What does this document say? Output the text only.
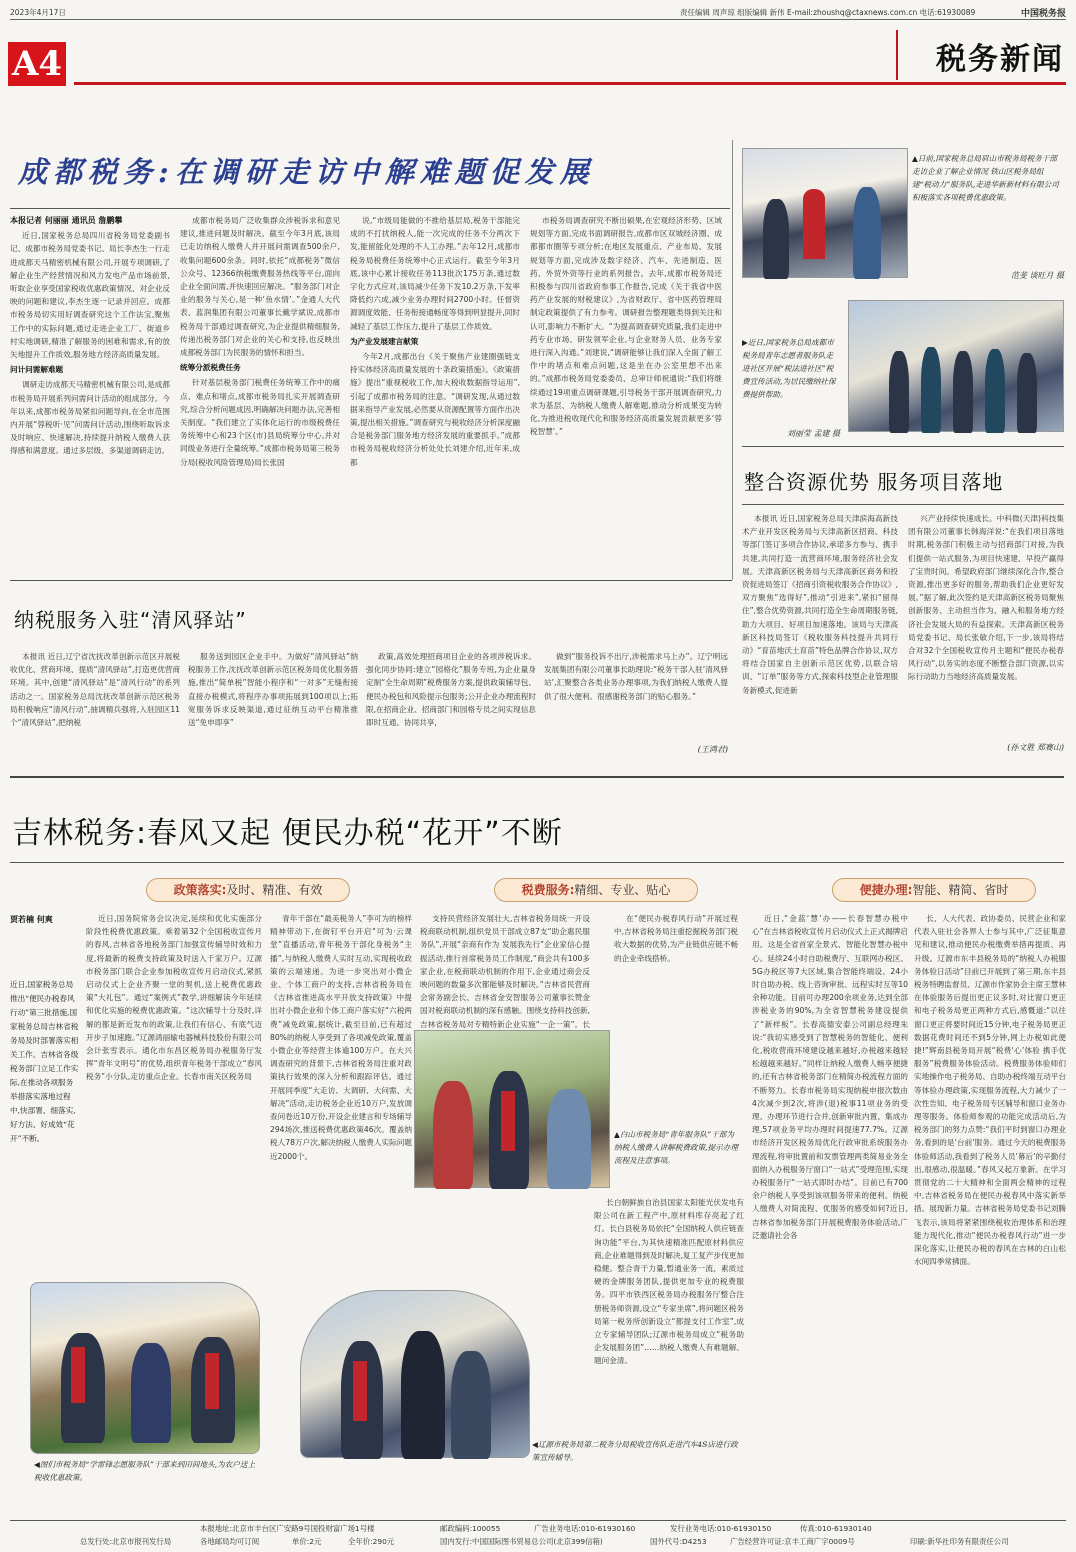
2023年4月17日	责任编辑 周声琼 组版编辑 新伟 E-mail:zhoushq@ctaxnews.com.cn 电话:61930089	中国税务报
A4	税务新闻
成都税务:在调研走访中解难题促发展
本报记者 何丽丽 通讯员 詹鹏攀

近日,国家税务总局四川省税务局党委副书记、成都市税务局党委书记、局长李杰生一行走进成都天马精密机械有限公司,开展专项调研,了解企业生产经营情况和风力发电产品市场前景,听取企业享受国家税收优惠政策情况、对企业反映的问题和建议,李杰生逐一记录并回应。成都市税务局切实用好调查研究这个工作法宝,聚焦工作中的实际问题,通过走进企业工厂、街道乡村实地调研,精准了解服务的困难和需求,有的放矢地提升工作质效,服务地方经济高质量发展。

问计问需解难题

调研走访成都天马精密机械有限公司,是成都市税务局开展系列问需问计活动的组成部分。今年以来,成都市税务局紧扣问题导向,在全市范围内开展“蓉税听·见”问需问计活动,围绕听取诉求及时响应、快速解决,持续提升纳税人缴费人获得感和满意度。通过多层级、多渠道调研走访,

成都市税务局广泛收集群众涉税诉求和意见建议,推进问题及时解决。截至今年3月底,该局已走访纳税人缴费人并开展问需调查500余户,收集问题600余条。同时,依托“成都税务”微信公众号、12366纳税缴费服务热线等平台,面向企业全面问需,并快速回应解决。“服务部门对企业的服务与关心,是一种‘鱼水情’。”金通人大代表、蓝润集团有限公司董事长戴学斌说,成都市税务局干部通过调查研究,为企业提供精细服务,传递出税务部门对企业的关心和支持,也反映出成都税务部门为民服务的情怀和担当。

统筹分派税费任务

针对基层税务部门税费任务统筹工作中的痛点、难点和堵点,成都市税务局扎实开展调查研究,综合分析问题成因,明确解决问题办法,完善相关制度。“我们建立了实体化运行的市级税费任务统筹中心和23个区(市)县局统筹分中心,并对同级业务进行全量统筹。”成都市税务局第三税务分局(税收风险管理局)局长张国

说,“市级局能做的不推给基层局,税务干部能完成的不打扰纳税人,能一次完成的任务不分两次下发,能留能化处理的不人工办理。”去年12月,成都市税务局税费任务统筹中心正式运行。截至今年3月底,该中心累计接收任务113批次175万条,通过数字化方式应对,该局减少任务下发10.2万条,下发率降低约六成,减少业务办理时间2700小时。任督资源调度效能、任务衔接通畅度等得到明显提升,同时减轻了基层工作压力,提升了基层工作质效。

为产业发展建言献策

今年2月,成都出台《关于聚焦产业建圈强链支持实体经济高质量发展的十条政策措施》。《政策措施》提出“重视税收工作,加大税收数据指导运用”,引起了成都市税务局的注意。“调研发现,从通过数据来指导产业发展,必然要从资源配置等方面作出决策,提出相关措施。”调查研究与税收经济分析深度融合是税务部门服务地方经济发展的重要抓手。”成都市税务局税收经济分析处处长刘建介绍,近年来,成都

市税务局调查研究不断出硕果,在宏观经济形势、区域规划等方面,完成书面调研报告,成都市区双城经济圈、成都都市圈等专项分析;在地区发展重点、产业布局、发展规划等方面,完成涉及数字经济、汽车、先进制造、医药、外贸外资等行业的系列报告。去年,成都市税务局还积极参与四川省政府参事工作报告,完成《关于我省中医药产业发展的财税建议》,为省财政厅、省中医药管理局制定政策提供了有力参考。调研报告整理题类得到关注和认可,影响力不断扩大。“为提高调查研究质量,我们走进中药专业市场、研发领军企业,与企业财务人员、业务专家进行深入沟通。”刘建说,“调研能够让我们深入全面了解工作中的堵点和难点问题,这是坐在办公室里想不出来的。”成都市税务局党委委员、总审计师祝通说:“我们将继续通过19项重点调研课题,引导税务干部开展调查研究,力求为基层、为纳税人缴费人解难题,推动分析成果变为转化,为推进税收现代化和服务经济高质量发展贡献更多‘蓉税智慧’。”

▲日前,国家税务总局眉山市税务局税务干部走访企业了解企业情况 铁山区税务局组建“税动力”服务队,走进华新新材料有限公司积极落实各项税费优惠政策。
范斐 谈旺月 摄
▶近日,国家税务总局成都市税务局青年志愿者服务队走进社区开展“税法进社区”税费宣传活动,为居民缴纳社保费提供帮助。
刘丽莹 孟建 摄
整合资源优势 服务项目落地

本报讯 近日,国家税务总局天津滨海高新技术产业开发区税务局与天津高新区招商、科技等部门签订多项合作协议,承诺多方参与、携手共建,共同打造一流营商环境,服务经济社会发展。天津高新区税务局与天津高新区商务和投资促进局签订《招商引资税收服务合作协议》,双方聚焦“选得好”,推动“引进来”,紧扣“留得住”,整合优势资源,共同打造全生命周期服务链,助力大项目、好项目加速落地。该局与天津高新区科技局签订《税收服务科技提升共同行动》“育苗地沃土育苗”特色品牌合作协议,双方将结合国家自主创新示范区优势,以联合培训、“订单”服务等方式,探索科技型企业管理服务新模式,促进新

兴产业持续快速成长。中科微(天津)科技集团有限公司董事长韩海洋说:“在我们项目落地时期,税务部门积极主动与招商部门对接,为我们提供一站式服务,为项目快速建、早投产赢得了宝贵时间。希望政府部门继续深化合作,整合资源,推出更多好的服务,帮助我们企业更好发展。”据了解,此次签约是天津高新区税务局聚焦创新服务、主动担当作为、融入和服务地方经济社会发展大局的有益探索。天津高新区税务局党委书记、局长张敏介绍,下一步,该局将结合对32个全国税收宣传月主题和“便民办税春风行动”,以务实的态度不断整合部门资源,以实际行动助力当地经济高质量发展。

(孙文胜 郑赛山)
纳税服务入驻“清风驿站”

本报讯 近日,辽宁省沈抚改革创新示范区开展税收优化、营商环境、提质“清风驿站”,打造更优营商环境。其中,创建“清风驿站”是“清风行动”的系列活动之一。国家税务总局沈抚改革创新示范区税务局积极响应“清风行动”,抽调精兵强将,入驻园区11个“清风驿站”,把纳税

服务送到园区企业手中。为做好“清风驿站”纳税服务工作,沈抚改革创新示范区税务局优化服务措施,推出“简单税”智能小程序和“一对多”无缝衔接直接办税模式,将程序办事项拓展到100项以上;拓宽服务诉求反映渠道,通过征纳互动平台精准推送“免申即享”

政策,高效处理招商项目企业的各项涉税诉求。强化同步协同:建立“园格化”服务专班,为企业量身定制“全生命周期”税费服务方案,提供政策辅导包、便民办税包和风险提示包服务;公开企业办理流程时限,在招商企业、招商部门和园格专员之间实现信息即时互通、协同共享,

做到“服务投诉不出厅,涉税需求马上办”。辽宁明远发展集团有限公司董事长助理说:“税务干部入驻‘清风驿站’,汇聚整合各类业务办理事项,为我们纳税人缴费人提供了很大便利。很感谢税务部门的贴心服务。”

(王鸿君)
吉林税务:春风又起 便民办税“花开”不断
政策落实:及时、精准、有效	税费服务:精细、专业、贴心	便捷办理:智能、精简、省时
贾若楠 何爽
近日,国家税务总局推出“便民办税春风行动”第三批措施,国家税务总局吉林省税务局及时部署落实相关工作。吉林省各级税务部门立足工作实际,在推动各项服务举措落实落地过程中,快部署、细落实,好方法、好成效“花开”不断。

近日,国务院常务会议决定,延续和优化实施部分阶段性税费优惠政策。乘着第32个全国税收宣传月的春风,吉林省各地税务部门加强宣传辅导时效和力度,将最新的税费支持政策及时送入千家万户。辽源市税务部门联合企业参加税收宣传月启动仪式,紧抓启动仪式上企业齐聚一堂的契机,送上税费优惠政策“大礼包”。通过“案例式”教学,讲细解读今年延续和优化实施的税费优惠政策。“这次辅导十分及时,详解的都是新近发布的政策,让我们有信心、有底气迈开步子加速跑。”辽源鸿丽输电器械科技股份有限公司会计张雪表示。通化市东昌区税务局办税服务厅发挥“青年文明号”的优势,组织青年税务干部成立“春风税务”小分队,走访重点企业。长春市南关区税务局

青年干部在“最美税务人”李可为的榜样精神带动下,在街钉平台开启“可为·云课堂”直播活动,青年税务干部化身税务“主播”,与纳税人缴费人实时互动,实现税收政策的云端速递。为进一步突出对小微企业、个体工商户的支持,吉林省税务局在《吉林省推进高水平开放支持政策》中提出对小微企业和个体工商户落实好“六税两费”减免政策,据统计,截至目前,已有超过80%的纳税人享受到了各项减免政策,覆盖小微企业等经营主体逾100万户。在大兴调查研究的背景下,吉林省税务局注重对政策执行效果的深入分析和跟踪评估。通过开展同季度“大走访、大调研、大问需、大解决”活动,走访税务企业近10万户,发放调查问卷近10万份,开设企业建言和专场辅导294场次,推送税费优惠政策46次。覆盖纳税人78万户次,解决纳税人缴费人实际问题近2000个。

支持民营经济发展壮大,吉林省税务局统一开设税商联动机制,组织党员干部成立87支“助企惠民服务队”,开展“亲商有作为 发展我先行”企业家信心提振活动,推行首席税务员工作制度,“商会共有100多家企业,在税商联动机制的作用下,企业通过商会反映问题的数量多次都能够及时解决。”吉林省民营商会常务副会长、吉林省金安智服务公司董事长赞金国对税商联动机制的深有感触。围绕支持科技创新,吉林省税务局对专精特新企业实施“一企一策”。长

▲白山市税务局“青年服务队”干部为纳税人缴费人讲解税费政策,提示办理流程及注意事项。

在“便民办税春风行动”开展过程中,吉林省税务局注重挖掘税务部门税收大数据的优势,为产业链供应链不畅的企业牵线搭桥。

长白朝鲜族自治县国家太阳能光伏发电有限公司在新工程产中,原材料库存亮起了红灯。长白县税务局依托“全国纳税人供应链查询功能”平台,为其快速精准匹配原材料供应商,企业难题得到及时解决,复工复产步伐更加稳健。整合青干力量,暂通业务一流、素质过硬的金牌服务团队,提供更加专业的税费服务。四平市铁西区税务局办税服务厅整合注册税务师资源,设立“专家坐席”,将问题区税务局第一税务所创新设立“都提支付工作室”,成立专家辅导团队;辽源市税务局成立“税务助企发展服务团”……纳税人缴费人有难题解、题问金清。

近日,“金蓝‘慧’办——长春智慧办税中心”在吉林省税收宣传月启动仪式上正式揭牌启用。这是全省首家全景式、智能化智慧办税中心。延续24小时自助税费厅、互联网办税区、5G办税区等7大区域,集合智能终端设、24小时自助办税、线上咨询审批、远程实时互等10余种功能。目前可办理200余项业务,达到全部涉税业务的90%,为全省智慧税务建设提供了“新样板”。长春高德安泰公司副总经理朱说:“我切实感受到了智慧税务的智能化、便利化,税收营商环境建设越来越好,办税越来越轻松越越来越好。”同样让纳税人缴费人畅享便捷的,还有吉林省税务部门在精简办税流程方面的不断努力。长春市税务局实现纳税申报次数由4次减少到2次,将涉(退)税事11项业务的受理、办理环节进行合并,创新审批内置、集成办理,57项业务平均办理时间提速77.7%。辽源市经济开发区税务局优化行政审批系统服务办理流程,将审批置前和发票管理两类简易业务全面纳入办税服务厅窗口“一站式”受理范围,实现办税服务厅“一站式即时办结”。目前已有700余户纳税人享受到该项服务带来的便利。纳税人缴费人对简流程、优服务的感受如何?近日,吉林省参加税务部门开展税费服务体验活动,广泛邀请社会各

长、人大代表、政协委员、民营企业和家代表入驻社会各界人士参与其中,广泛征集意见和建议,推动便民办税缴费举措再提质、再升级。辽源市东丰县税务局的“纳税人办税服务体验日活动”目前已开展到了第三期,东丰县税务特聘监督员、辽源市作家协会主席王慧林在体验服务后提出更正议多时,对比窗口更正和电子税务局更正两种方式后,感慨道:“以往窗口更正将要时间近15分钟,电子税务局更正数据花费时间还不到5分钟,网上办税如此便捷!”辉南县税务局开展“税费‘心’体验 携手优服务”税费服务体验活动。税费服务体验师们实地操作电子税务局、自助办税终端互动平台等体验办理政策,实现服务流程,大力减少了一次性告知、电子税务局专区辅导和窗口业务办理等服务。体验师参观的功能完成活动后,为税务部门的努力点赞:“我们平时到窗口办理业务,看到的是‘台前’服务。通过今天的税费服务体验师活动,我看到了税务人员‘幕后’的辛勤付出,很感动,很温暖。”春风又起万象新。在学习贯彻党的二十大精神和全面两会精神的过程中,吉林省税务局在便民办税春风中落实新举措、展现新力量。吉林省税务局党委书记刘腾飞表示,该局将紧紧围绕税收治理体系和治理能力现代化,推动“便民办税春风行动”进一步深化落实,让便民办税的春风在吉林的白山松水间四季常拂面。

◀图们市税务局“学雷锋志愿服务队”干部来到田间地头,为农户送上税收优惠政策。
◀辽源市税务局第二税务分局税收宣传队走进汽车4S店进行政策宣传辅导。
本报地址:北京市丰台区广安路9号国投财富广场1号楼	邮政编码:100055	广告业务电话:010-61930160	发行业务电话:010-61930150	传真:010-61930140
总发行处:北京市报刊发行局	各地邮局均可订阅	单价:2元	全年价:290元	国内发行:中国国际图书贸易总公司(北京399信箱)	国外代号:D4253	广告经营许可证:京丰工商广字0009号	印刷:新华社印务有限责任公司
